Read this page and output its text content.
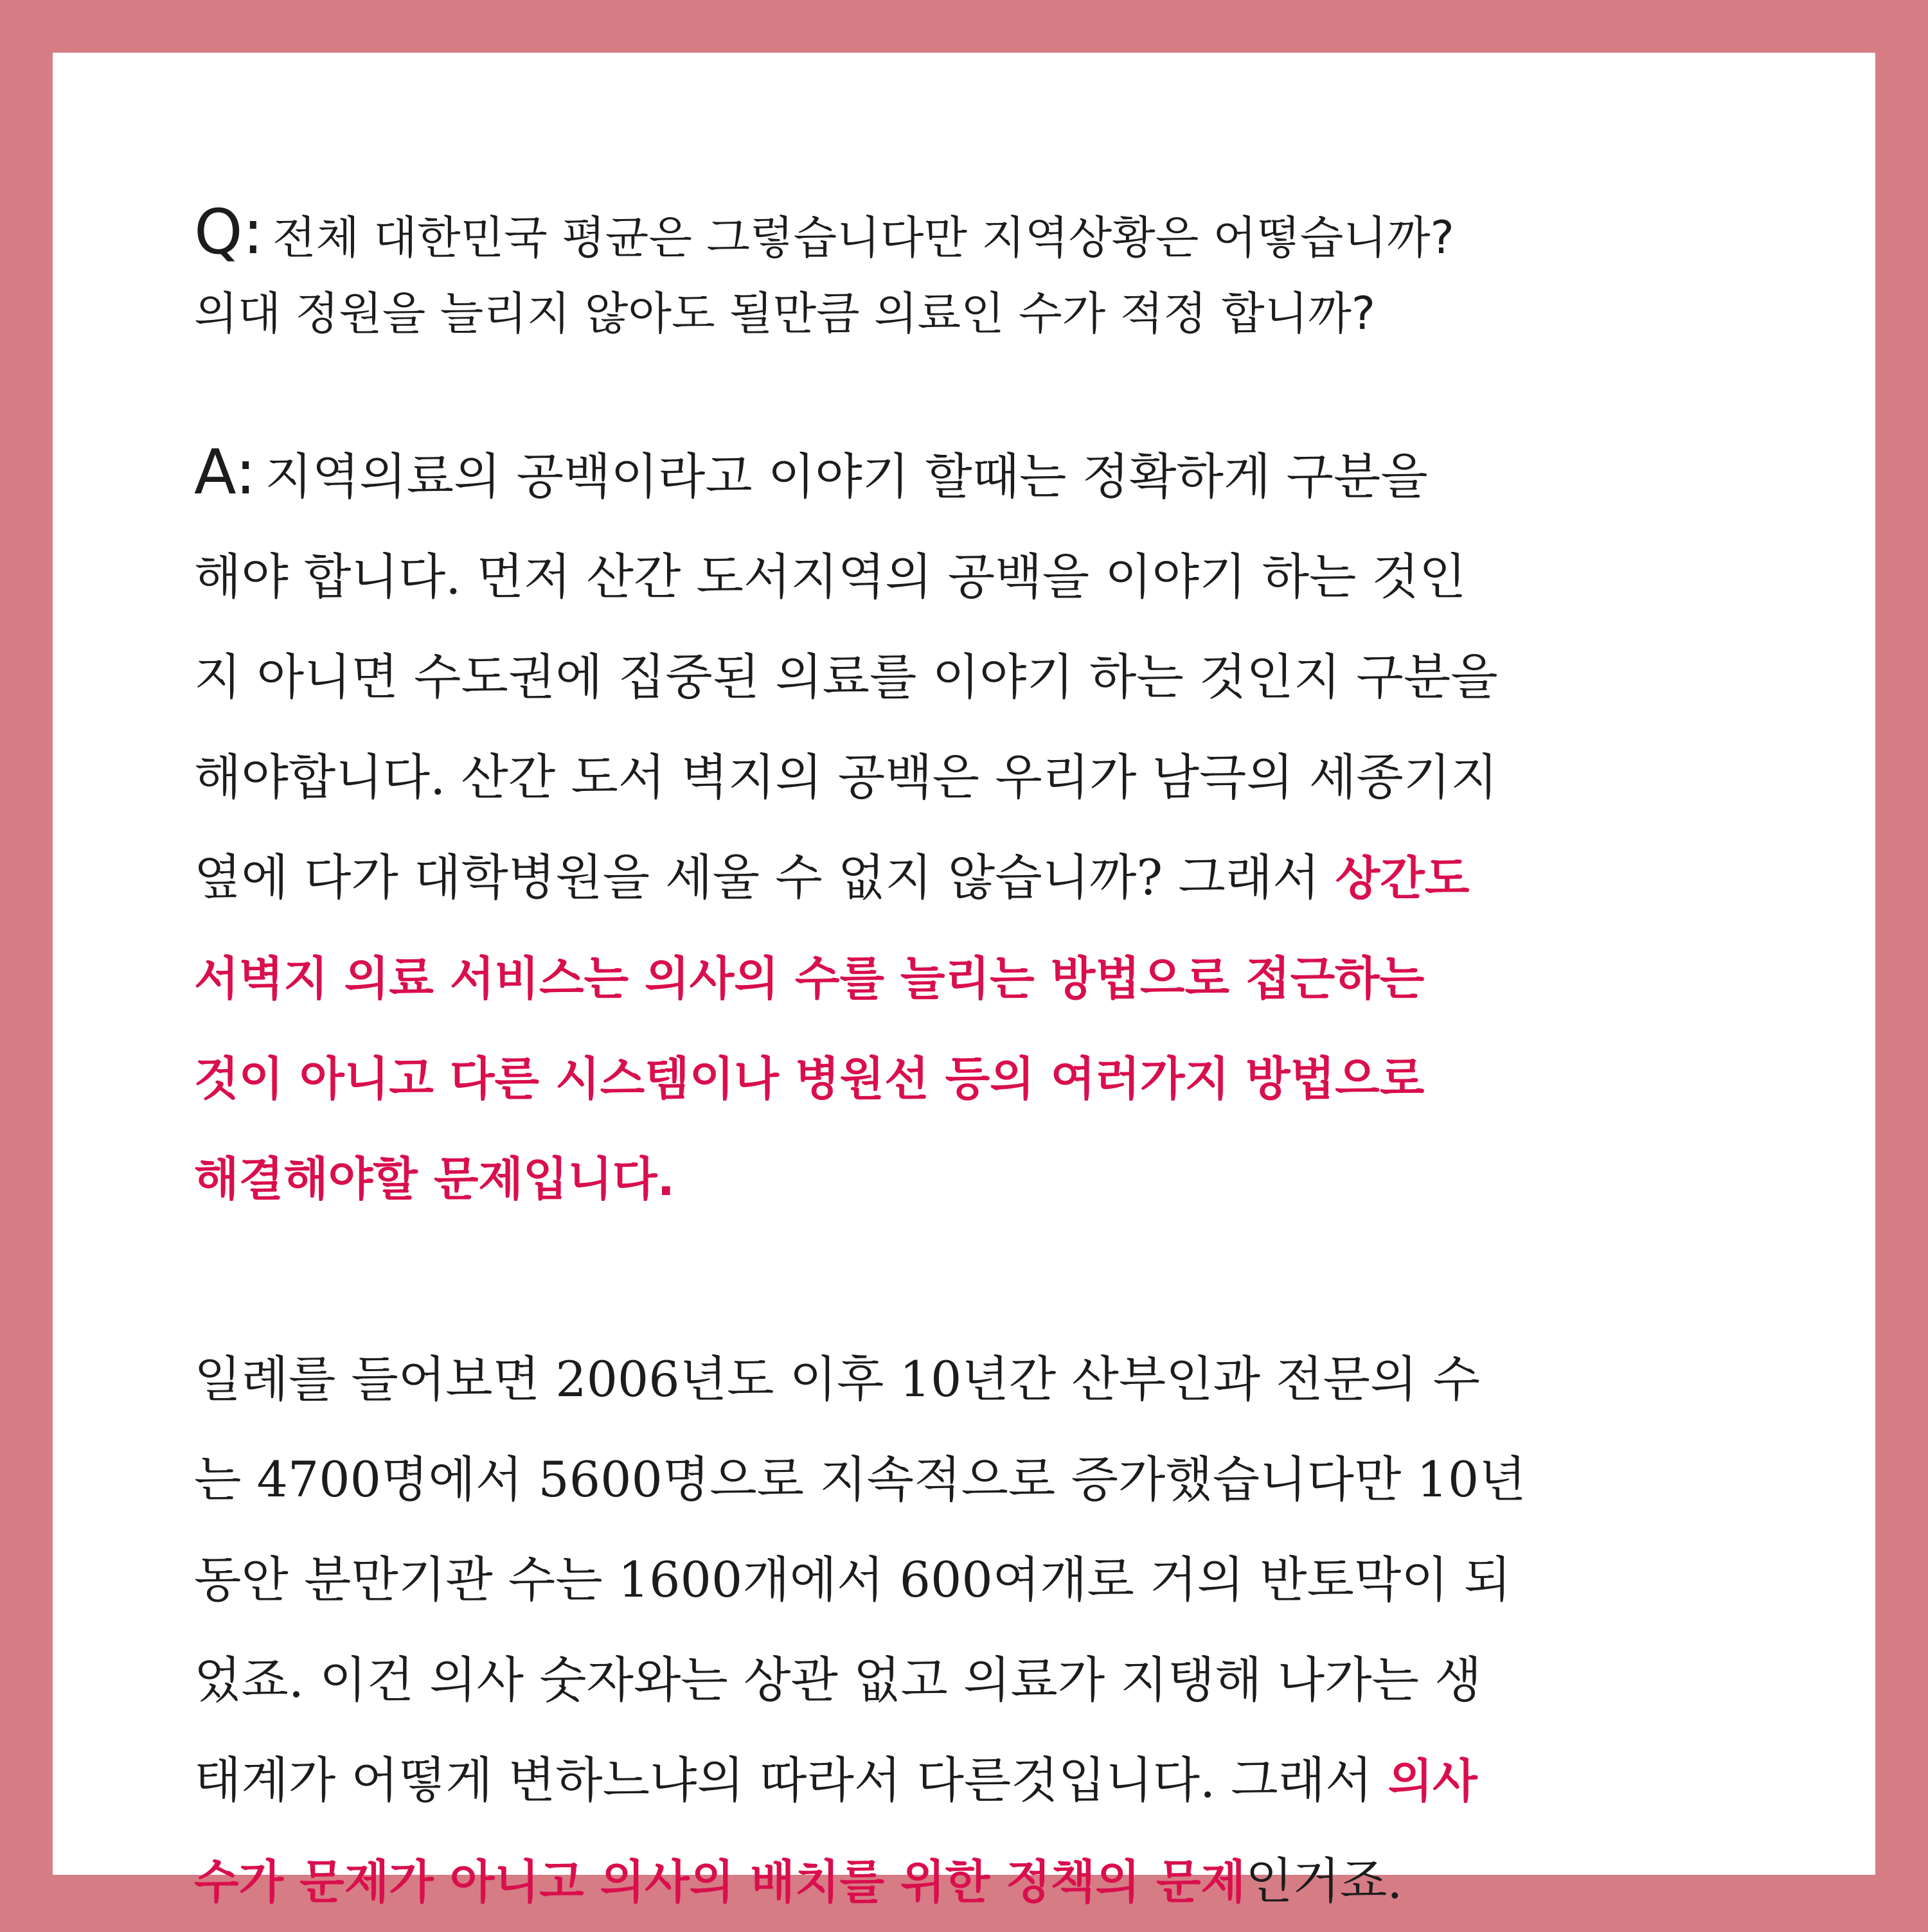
Q: 전체 대한민국 평균은 그렇습니다만 지역상황은 어떻습니까?
의대 정원을 늘리지 않아도 될만큼 의료인 수가 적정 합니까?

A: 지역의료의 공백이라고 이야기 할때는 정확하게 구분을
해야 합니다. 먼저 산간 도서지역의 공백을 이야기 하는 것인
지 아니면 수도권에 집중된 의료를 이야기 하는 것인지 구분을
해야합니다. 산간 도서 벽지의 공백은 우리가 남극의 세종기지
옆에 다가 대학병원을 세울 수 없지 않습니까? 그래서 상간도
서벽지 의료 서비스는 의사의 수를 늘리는 방법으로 접근하는
것이 아니고 다른 시스템이나 병원선 등의 여러가지 방법으로
해결해야할 문제입니다.

일례를 들어보면 2006년도 이후 10년간 산부인과 전문의 수
는 4700명에서 5600명으로 지속적으로 증가했습니다만 10년
동안 분만기관 수는 1600개에서 600여개로 거의 반토막이 되
었죠. 이건 의사 숫자와는 상관 없고 의료가 지탱해 나가는 생
태계가 어떻게 변하느냐의 따라서 다른것입니다. 그래서 의사
수가 문제가 아니고 의사의 배치를 위한 정책의 문제인거죠.
